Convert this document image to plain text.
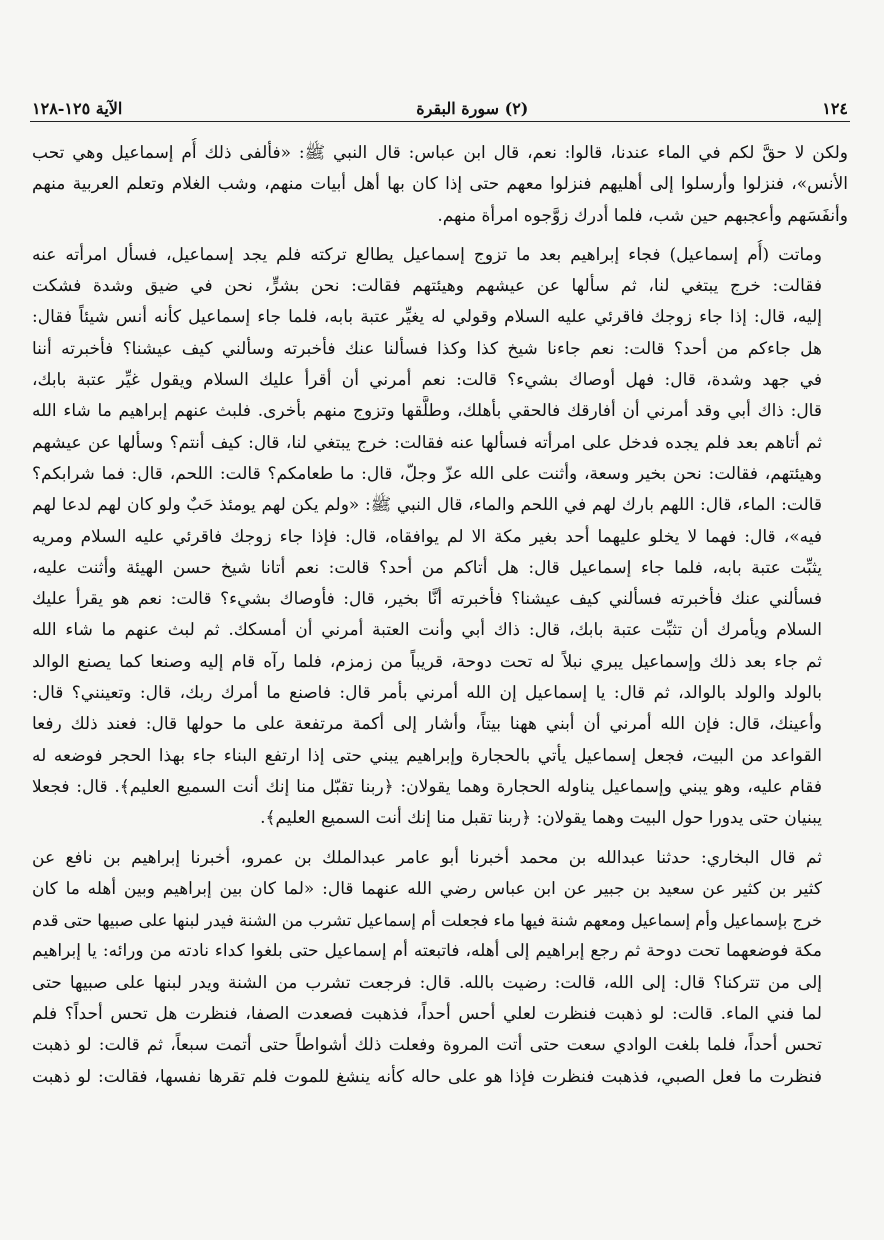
١٢٤
(٢) سورة البقرة
الآية ١٢٥-١٢٨
ولكن لا حقَّ لكم في الماء عندنا، قالوا: نعم، قال ابن عباس: قال النبي ﷺ: «فألفى ذلك أُم إسماعيل وهي تحب
الأنس»، فنزلوا وأرسلوا إلى أهليهم فنزلوا معهم حتى إذا كان بها أهل أبيات منهم، وشب الغلام وتعلم العربية منهم
وأنفَسَهم وأعجبهم حين شب، فلما أدرك زوَّجوه امرأة منهم.
وماتت (أُم إسماعيل) فجاء إبراهيم بعد ما تزوج إسماعيل يطالع تركته فلم يجد إسماعيل، فسأل امرأته عنه
فقالت: خرج يبتغي لنا، ثم سألها عن عيشهم وهيئتهم فقالت: نحن بشرٍّ، نحن في ضيق وشدة فشكت
إليه، قال: إذا جاء زوجك فاقرئي عليه السلام وقولي له يغيِّر عتبة بابه، فلما جاء إسماعيل كأنه أنس شيئاً فقال:
هل جاءكم من أحد؟ قالت: نعم جاءنا شيخ كذا وكذا فسألنا عنك فأخبرته وسألني كيف عيشنا؟ فأخبرته أننا
في جهد وشدة، قال: فهل أوصاك بشيء؟ قالت: نعم أمرني أن أقرأ عليك السلام ويقول غيِّر عتبة بابك،
قال: ذاك أبي وقد أمرني أن أفارقك فالحقي بأهلك، وطلَّقها وتزوج منهم بأخرى. فلبث عنهم إبراهيم ما شاء الله
ثم أتاهم بعد فلم يجده فدخل على امرأته فسألها عنه فقالت: خرج يبتغي لنا، قال: كيف أنتم؟ وسألها عن عيشهم
وهيئتهم، فقالت: نحن بخير وسعة، وأثنت على الله عزّ وجلّ، قال: ما طعامكم؟ قالت: اللحم، قال: فما شرابكم؟
قالت: الماء، قال: اللهم بارك لهم في اللحم والماء، قال النبي ﷺ: «ولم يكن لهم يومئذ حَبٌ ولو كان لهم لدعا لهم
فيه»، قال: فهما لا يخلو عليهما أحد بغير مكة الا لم يوافقاه، قال: فإذا جاء زوجك فاقرئي عليه السلام ومريه
يثبِّت عتبة بابه، فلما جاء إسماعيل قال: هل أتاكم من أحد؟ قالت: نعم أتانا شيخ حسن الهيئة وأثنت عليه،
فسألني عنك فأخبرته فسألني كيف عيشنا؟ فأخبرته أنَّا بخير، قال: فأوصاك بشيء؟ قالت: نعم هو يقرأ عليك
السلام ويأمرك أن تثبِّت عتبة بابك، قال: ذاك أبي وأنت العتبة أمرني أن أمسكك. ثم لبث عنهم ما شاء الله
ثم جاء بعد ذلك وإسماعيل يبري نبلاً له تحت دوحة، قريباً من زمزم، فلما رآه قام إليه وصنعا كما يصنع الوالد
بالولد والولد بالوالد، ثم قال: يا إسماعيل إن الله أمرني بأمر قال: فاصنع ما أمرك ربك، قال: وتعينني؟ قال:
وأعينك، قال: فإن الله أمرني أن أبني ههنا بيتاً، وأشار إلى أكمة مرتفعة على ما حولها قال: فعند ذلك رفعا
القواعد من البيت، فجعل إسماعيل يأتي بالحجارة وإبراهيم يبني حتى إذا ارتفع البناء جاء بهذا الحجر فوضعه له
فقام عليه، وهو يبني وإسماعيل يناوله الحجارة وهما يقولان: ﴿ربنا تقبّل منا إنك أنت السميع العليم﴾. قال: فجعلا
يبنيان حتى يدورا حول البيت وهما يقولان: ﴿ربنا تقبل منا إنك أنت السميع العليم﴾.
ثم قال البخاري: حدثنا عبدالله بن محمد أخبرنا أبو عامر عبدالملك بن عمرو، أخبرنا إبراهيم بن نافع عن
كثير بن كثير عن سعيد بن جبير عن ابن عباس رضي الله عنهما قال: «لما كان بين إبراهيم وبين أهله ما كان
خرج بإسماعيل وأم إسماعيل ومعهم شنة فيها ماء فجعلت أم إسماعيل تشرب من الشنة فيدر لبنها على صبيها حتى قدم
مكة فوضعهما تحت دوحة ثم رجع إبراهيم إلى أهله، فاتبعته أم إسماعيل حتى بلغوا كداء نادته من ورائه: يا إبراهيم
إلى من تتركنا؟ قال: إلى الله، قالت: رضيت بالله. قال: فرجعت تشرب من الشنة ويدر لبنها على صبيها حتى
لما فني الماء. قالت: لو ذهبت فنظرت لعلي أحس أحداً، فذهبت فصعدت الصفا، فنظرت هل تحس أحداً؟ فلم
تحس أحداً، فلما بلغت الوادي سعت حتى أتت المروة وفعلت ذلك أشواطاً حتى أتمت سبعاً، ثم قالت: لو ذهبت
فنظرت ما فعل الصبي، فذهبت فنظرت فإذا هو على حاله كأنه ينشغ للموت فلم تقرها نفسها، فقالت: لو ذهبت
